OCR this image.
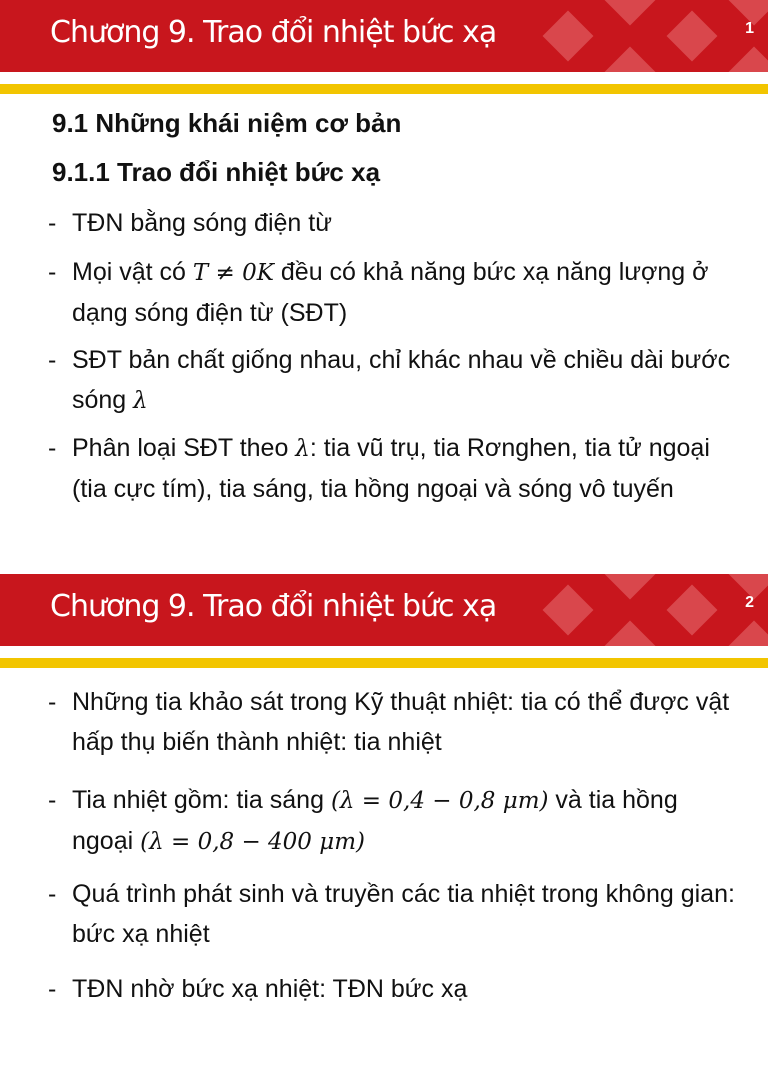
Chương 9. Trao đổi nhiệt bức xạ	1
9.1 Những khái niệm cơ bản
9.1.1 Trao đổi nhiệt bức xạ
- TĐN bằng sóng điện từ
- Mọi vật có T ≠ 0K đều có khả năng bức xạ năng lượng ở dạng sóng điện từ (SĐT)
- SĐT bản chất giống nhau, chỉ khác nhau về chiều dài bước sóng λ
- Phân loại SĐT theo λ: tia vũ trụ, tia Rơnghen, tia tử ngoại (tia cực tím), tia sáng, tia hồng ngoại và sóng vô tuyến
Chương 9. Trao đổi nhiệt bức xạ	2
- Những tia khảo sát trong Kỹ thuật nhiệt: tia có thể được vật hấp thụ biến thành nhiệt: tia nhiệt
- Tia nhiệt gồm: tia sáng (λ = 0,4 − 0,8 μm) và tia hồng ngoại (λ = 0,8 − 400 μm)
- Quá trình phát sinh và truyền các tia nhiệt trong không gian: bức xạ nhiệt
- TĐN nhờ bức xạ nhiệt: TĐN bức xạ
